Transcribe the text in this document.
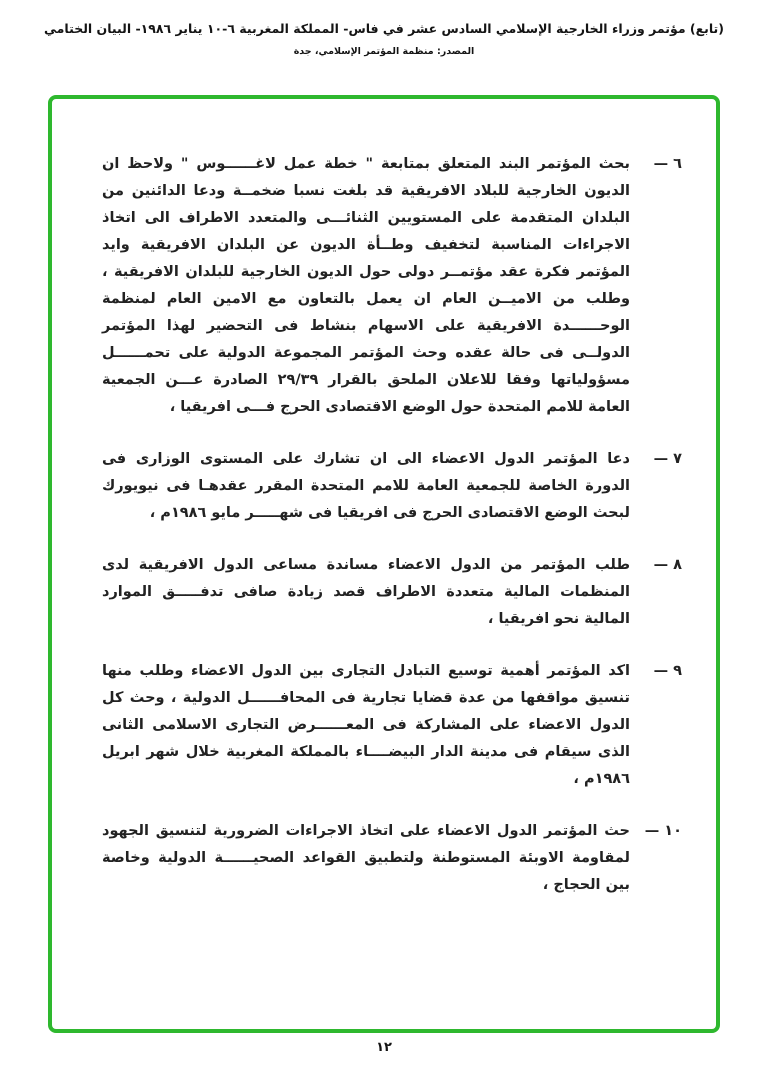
(تابع) مؤتمر وزراء الخارجية الإسلامي السادس عشر في فاس- المملكة المغربية ٦-١٠ يناير ١٩٨٦- البيان الختامي
المصدر: منظمة المؤتمر الإسلامي، جدة
٦ —
بحث المؤتمر البند المتعلق بمتابعة " خطة عمل لاغــــــوس " ولاحظ ان الديون الخارجية للبلاد الافريقية قد بلغت نسبا ضخمــة ودعا الدائنين من البلدان المتقدمة على المستويين الثنائـــى والمتعدد الاطراف الى اتخاذ الاجراءات المناسبة لتخفيف وطــأة الديون عن البلدان الافريقية وايد المؤتمر فكرة عقد مؤتمــر دولى حول الديون الخارجية للبلدان الافريقية ، وطلب من الاميــن العام ان يعمل بالتعاون مع الامين العام لمنظمة الوحــــــدة الافريقية على الاسهام بنشاط فى التحضير لهذا المؤتمر الدولــى فى حالة عقده وحث المؤتمر المجموعة الدولية على تحمــــــل مسؤولياتها وفقا للاعلان الملحق بالقرار ٢٩/٣٩ الصادرة عـــن الجمعية العامة للامم المتحدة حول الوضع الاقتصادى الحرج فـــى افريقيا ،
٧ —
دعا المؤتمر الدول الاعضاء الى ان تشارك على المستوى الوزارى فى الدورة الخاصة للجمعية العامة للامم المتحدة المقرر عقدهـا فى نيويورك لبحث الوضع الاقتصادى الحرج فى افريقيا فى شهـــــر مايو ١٩٨٦م ،
٨ —
طلب المؤتمر من الدول الاعضاء مساندة مساعى الدول الافريقية لدى المنظمات المالية متعددة الاطراف قصد زيادة صافى تدفـــــق الموارد المالية نحو افريقيا ،
٩ —
اكد المؤتمر أهمية توسيع التبادل التجارى بين الدول الاعضاء وطلب منها تنسيق مواقفها من عدة قضايا تجارية فى المحافــــــل الدولية ، وحث كل الدول الاعضاء على المشاركة فى المعــــــرض التجارى الاسلامى الثانى الذى سيقام فى مدينة الدار البيضــــاء بالمملكة المغربية خلال شهر ابريل ١٩٨٦م ،
١٠ —
حث المؤتمر الدول الاعضاء على اتخاذ الاجراءات الضرورية لتنسيق الجهود لمقاومة الاوبئة المستوطنة ولتطبيق القواعد الصحيــــــة الدولية وخاصة بين الحجاج ،
١٢
